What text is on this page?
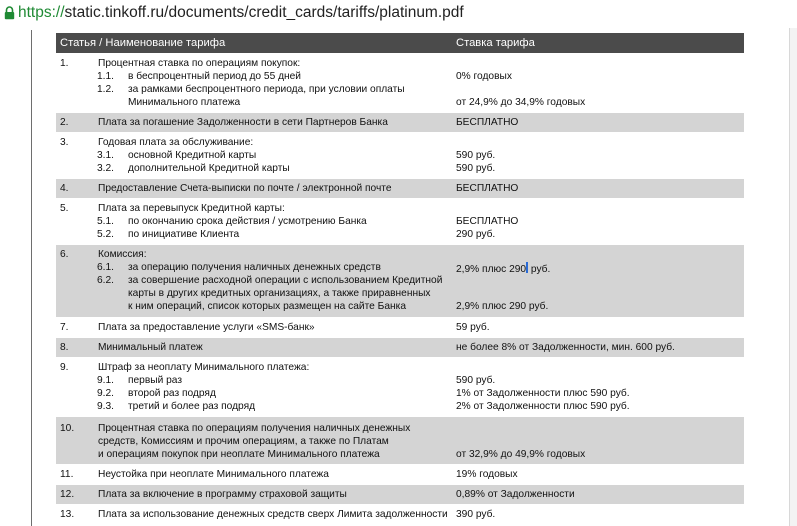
https://static.tinkoff.ru/documents/credit_cards/tariffs/platinum.pdf
Статья / Наименование тарифа	Ставка тарифа
1.	Процентная ставка по операциям покупок:
1.1. в беспроцентный период до 55 дней	0% годовых
1.2. за рамками беспроцентного периода, при условии оплаты
Минимального платежа	от 24,9% до 34,9% годовых
2.	Плата за погашение Задолженности в сети Партнеров Банка	БЕСПЛАТНО
3.	Годовая плата за обслуживание:
3.1. основной Кредитной карты	590 руб.
3.2. дополнительной Кредитной карты	590 руб.
4.	Предоставление Счета-выписки по почте / электронной почте	БЕСПЛАТНО
5.	Плата за перевыпуск Кредитной карты:
5.1. по окончанию срока действия / усмотрению Банка	БЕСПЛАТНО
5.2. по инициативе Клиента	290 руб.
6.	Комиссия:
6.1. за операцию получения наличных денежных средств	2,9% плюс 290 руб.
6.2. за совершение расходной операции с использованием Кредитной
карты в других кредитных организациях, а также приравненных
к ним операций, список которых размещен на сайте Банка	2,9% плюс 290 руб.
7.	Плата за предоставление услуги «SMS-банк»	59 руб.
8.	Минимальный платеж	не более 8% от Задолженности, мин. 600 руб.
9.	Штраф за неоплату Минимального платежа:
9.1. первый раз	590 руб.
9.2. второй раз подряд	1% от Задолженности плюс 590 руб.
9.3. третий и более раз подряд	2% от Задолженности плюс 590 руб.
10. Процентная ставка по операциям получения наличных денежных
средств, Комиссиям и прочим операциям, а также по Платам
и операциям покупок при неоплате Минимального платежа	от 32,9% до 49,9% годовых
11. Неустойка при неоплате Минимального платежа	19% годовых
12. Плата за включение в программу страховой защиты	0,89% от Задолженности
13. Плата за использование денежных средств сверх Лимита задолженности 390 руб.
